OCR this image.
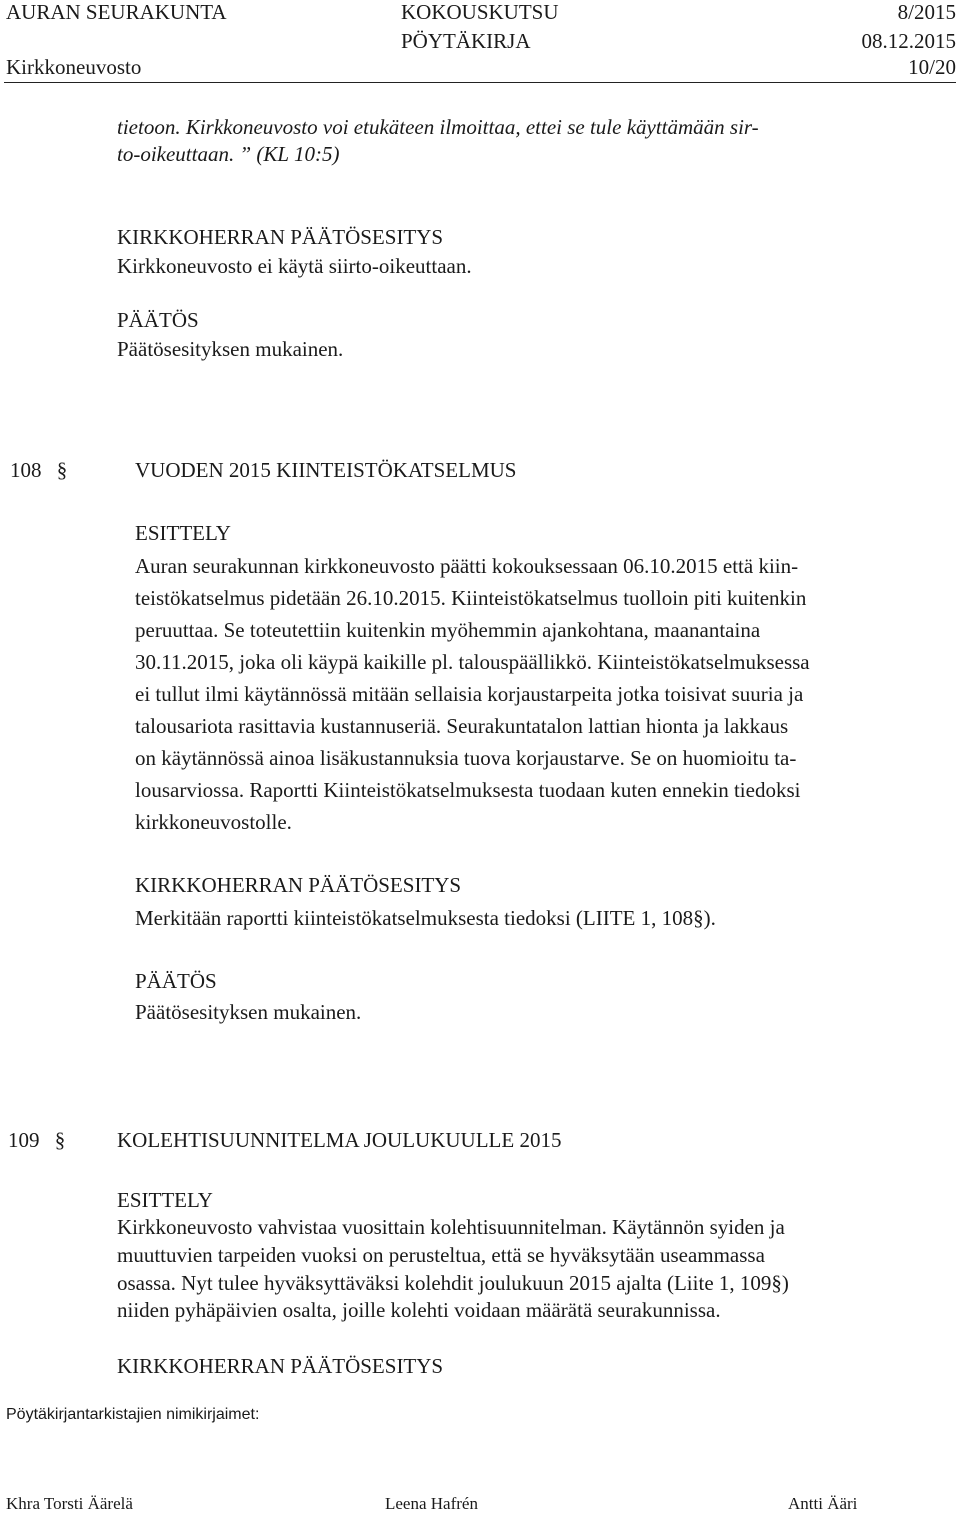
AURAN SEURAKUNTA	KOKOUSKUTSU	8/2015
PÖYTÄKIRJA	08.12.2015
Kirkkoneuvosto	10/20
tietoon. Kirkkoneuvosto voi etukäteen ilmoittaa, ettei se tule käyttämään sir-
to-oikeuttaan. ” (KL 10:5)
KIRKKOHERRAN PÄÄTÖSESITYS
Kirkkoneuvosto ei käytä siirto-oikeuttaan.
PÄÄTÖS
Päätösesityksen mukainen.
108 §	VUODEN 2015 KIINTEISTÖKATSELMUS
ESITTELY
Auran seurakunnan kirkkoneuvosto päätti kokouksessaan 06.10.2015 että kiin-
teistökatselmus pidetään 26.10.2015. Kiinteistökatselmus tuolloin piti kuitenkin
peruuttaa. Se toteutettiin kuitenkin myöhemmin ajankohtana, maanantaina
30.11.2015, joka oli käypä kaikille pl. talouspäällikkö. Kiinteistökatselmuksessa
ei tullut ilmi käytännössä mitään sellaisia korjaustarpeita jotka toisivat suuria ja
talousariota rasittavia kustannuseriä. Seurakuntatalon lattian hionta ja lakkaus
on käytännössä ainoa lisäkustannuksia tuova korjaustarve. Se on huomioitu ta-
lousarviossa. Raportti Kiinteistökatselmuksesta tuodaan kuten ennekin tiedoksi
kirkkoneuvostolle.
KIRKKOHERRAN PÄÄTÖSESITYS
Merkitään raportti kiinteistökatselmuksesta tiedoksi (LIITE 1, 108§).
PÄÄTÖS
Päätösesityksen mukainen.
109 § KOLEHTISUUNNITELMA JOULUKUULLE 2015
ESITTELY
Kirkkoneuvosto vahvistaa vuosittain kolehtisuunnitelman. Käytännön syiden ja
muuttuvien tarpeiden vuoksi on perusteltua, että se hyväksytään useammassa
osassa. Nyt tulee hyväksyttäväksi kolehdit joulukuun 2015 ajalta (Liite 1, 109§)
niiden pyhäpäivien osalta, joille kolehti voidaan määrätä seurakunnissa.
KIRKKOHERRAN PÄÄTÖSESITYS
Pöytäkirjantarkistajien nimikirjaimet:
Khra Torsti Äärelä	Leena Hafrén	Antti Ääri
